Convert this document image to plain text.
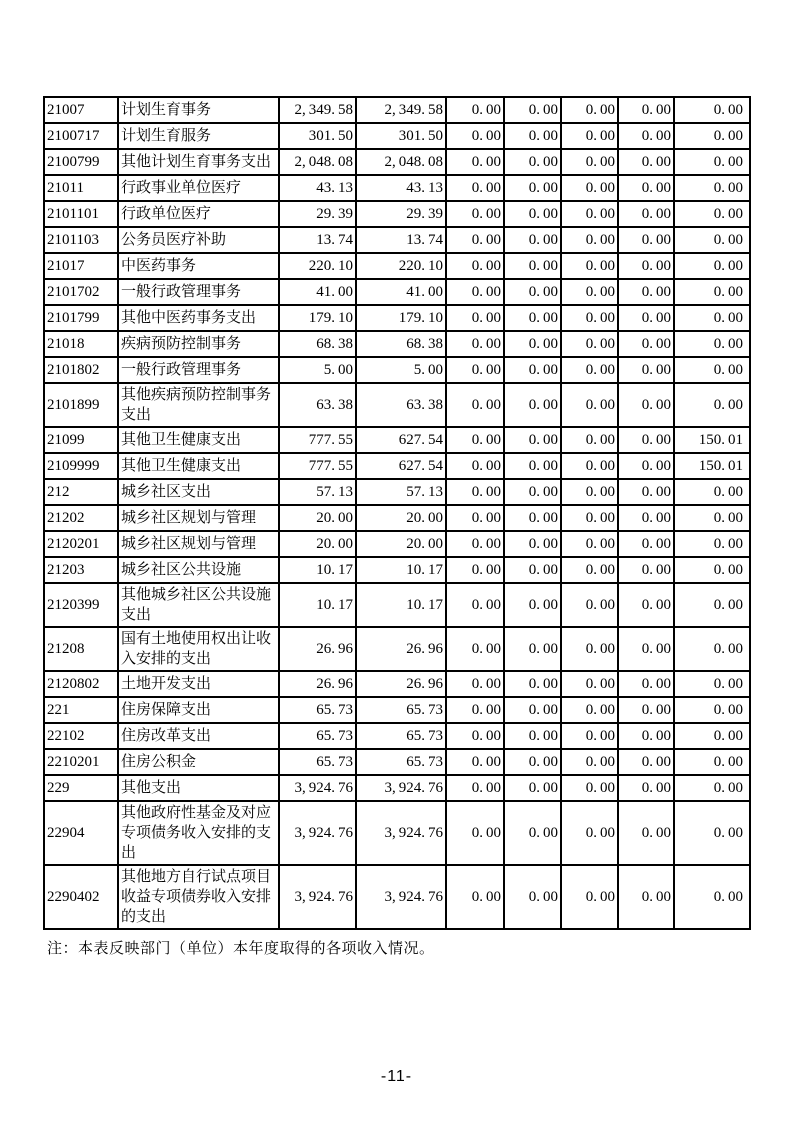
21007	计划生育事务	2, 349. 58	2, 349. 58	0. 00	0. 00	0. 00	0. 00	0. 00
2100717	计划生育服务	301. 50	301. 50	0. 00	0. 00	0. 00	0. 00	0. 00
2100799	其他计划生育事务支出	2, 048. 08	2, 048. 08	0. 00	0. 00	0. 00	0. 00	0. 00
21011	行政事业单位医疗	43. 13	43. 13	0. 00	0. 00	0. 00	0. 00	0. 00
2101101	行政单位医疗	29. 39	29. 39	0. 00	0. 00	0. 00	0. 00	0. 00
2101103	公务员医疗补助	13. 74	13. 74	0. 00	0. 00	0. 00	0. 00	0. 00
21017	中医药事务	220. 10	220. 10	0. 00	0. 00	0. 00	0. 00	0. 00
2101702	一般行政管理事务	41. 00	41. 00	0. 00	0. 00	0. 00	0. 00	0. 00
2101799	其他中医药事务支出	179. 10	179. 10	0. 00	0. 00	0. 00	0. 00	0. 00
21018	疾病预防控制事务	68. 38	68. 38	0. 00	0. 00	0. 00	0. 00	0. 00
2101802	一般行政管理事务	5. 00	5. 00	0. 00	0. 00	0. 00	0. 00	0. 00
2101899	其他疾病预防控制事务支出	63. 38	63. 38	0. 00	0. 00	0. 00	0. 00	0. 00
21099	其他卫生健康支出	777. 55	627. 54	0. 00	0. 00	0. 00	0. 00	150. 01
2109999	其他卫生健康支出	777. 55	627. 54	0. 00	0. 00	0. 00	0. 00	150. 01
212	城乡社区支出	57. 13	57. 13	0. 00	0. 00	0. 00	0. 00	0. 00
21202	城乡社区规划与管理	20. 00	20. 00	0. 00	0. 00	0. 00	0. 00	0. 00
2120201	城乡社区规划与管理	20. 00	20. 00	0. 00	0. 00	0. 00	0. 00	0. 00
21203	城乡社区公共设施	10. 17	10. 17	0. 00	0. 00	0. 00	0. 00	0. 00
2120399	其他城乡社区公共设施支出	10. 17	10. 17	0. 00	0. 00	0. 00	0. 00	0. 00
21208	国有土地使用权出让收入安排的支出	26. 96	26. 96	0. 00	0. 00	0. 00	0. 00	0. 00
2120802	土地开发支出	26. 96	26. 96	0. 00	0. 00	0. 00	0. 00	0. 00
221	住房保障支出	65. 73	65. 73	0. 00	0. 00	0. 00	0. 00	0. 00
22102	住房改革支出	65. 73	65. 73	0. 00	0. 00	0. 00	0. 00	0. 00
2210201	住房公积金	65. 73	65. 73	0. 00	0. 00	0. 00	0. 00	0. 00
229	其他支出	3, 924. 76	3, 924. 76	0. 00	0. 00	0. 00	0. 00	0. 00
22904	其他政府性基金及对应专项债务收入安排的支出	3, 924. 76	3, 924. 76	0. 00	0. 00	0. 00	0. 00	0. 00
2290402	其他地方自行试点项目收益专项债券收入安排的支出	3, 924. 76	3, 924. 76	0. 00	0. 00	0. 00	0. 00	0. 00
注：本表反映部门（单位）本年度取得的各项收入情况。
-11-
